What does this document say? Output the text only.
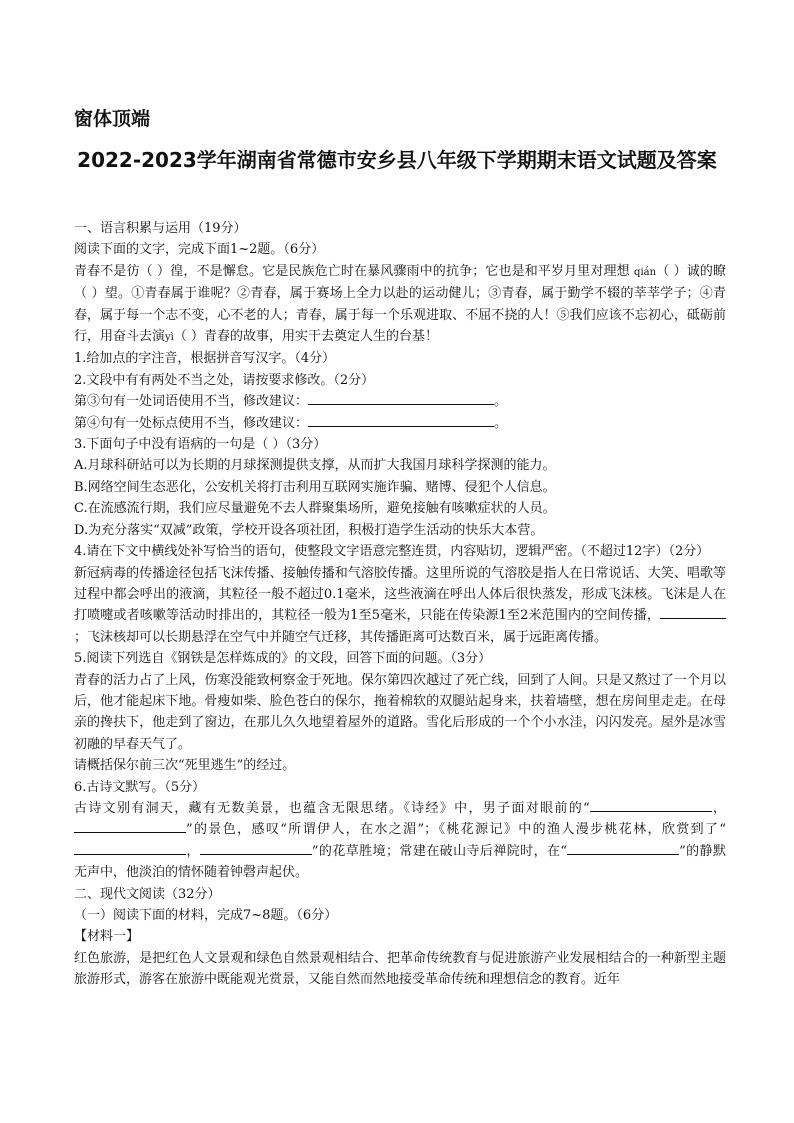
窗体顶端
2022-2023学年湖南省常德市安乡县八年级下学期期末语文试题及答案

一、语言积累与运用（19分）

阅读下面的文字，完成下面1~2题。（6分）

青春不是彷（ ）徨，不是懈怠。它是民族危亡时在暴风骤雨中的抗争；它也是和平岁月里对理想 qián（ ）诚的瞭（ ）望。①青春属于谁呢？②青春，属于赛场上全力以赴的运动健儿；③青春，属于勤学不辍的莘莘学子；④青春，属于每一个志不变，心不老的人；青春，属于每一个乐观进取、不屈不挠的人！⑤我们应该不忘初心，砥砺前行，用奋斗去演yì（ ）青春的故事，用实干去奠定人生的台基！

1.给加点的字注音，根据拼音写汉字。（4分）

2.文段中有有两处不当之处，请按要求修改。（2分）

第③句有一处词语使用不当，修改建议：	。

第④句有一处标点使用不当，修改建议：	。

3.下面句子中没有语病的一句是（ ）（3分）

A.月球科研站可以为长期的月球探测提供支撑，从而扩大我国月球科学探测的能力。

B.网络空间生态恶化，公安机关将打击利用互联网实施诈骗、赌博、侵犯个人信息。

C.在流感流行期，我们应尽量避免不去人群聚集场所，避免接触有咳嗽症状的人员。

D.为充分落实“双减”政策，学校开设各项社团，积极打造学生活动的快乐大本营。

4.请在下文中横线处补写恰当的语句，使整段文字语意完整连贯，内容贴切，逻辑严密。（不超过12字）（2分）

新冠病毒的传播途径包括飞沫传播、接触传播和气溶胶传播。这里所说的气溶胶是指人在日常说话、大笑、唱歌等过程中都会呼出的液滴，其粒径一般不超过0.1毫米，这些液滴在呼出人体后很快蒸发，形成飞沫核。飞沫是人在打喷嚏或者咳嗽等活动时排出的，其粒径一般为1至5毫米，只能在传染源1至2米范围内的空间传播，；飞沫核却可以长期悬浮在空气中并随空气迁移，其传播距离可达数百米，属于远距离传播。

5.阅读下列选自《钢铁是怎样炼成的》的文段，回答下面的问题。（3分）

青春的活力占了上风，伤寒没能致柯察金于死地。保尔第四次越过了死亡线，回到了人间。只是又熬过了一个月以后，他才能起床下地。骨瘦如柴、脸色苍白的保尔，拖着棉软的双腿站起身来，扶着墙壁，想在房间里走走。在母亲的搀扶下，他走到了窗边，在那儿久久地望着屋外的道路。雪化后形成的一个个小水洼，闪闪发亮。屋外是冰雪初融的早春天气了。

请概括保尔前三次“死里逃生”的经过。

6.古诗文默写。（5分）

古诗文别有洞天，藏有无数美景，也蕴含无限思绪。《诗经》中，男子面对眼前的“	，”的景色，感叹“所谓伊人，在水之湄”；《桃花源记》中的渔人漫步桃花林，欣赏到了“，	”的花草胜境；常建在破山寺后禅院时，在“	”的静默无声中，他淡泊的情怀随着钟磬声起伏。

二、现代文阅读（32分）

（一）阅读下面的材料，完成7~8题。（6分）

【材料一】

红色旅游，是把红色人文景观和绿色自然景观相结合、把革命传统教育与促进旅游产业发展相结合的一种新型主题旅游形式，游客在旅游中既能观光赏景，又能自然而然地接受革命传统和理想信念的教育。近年
